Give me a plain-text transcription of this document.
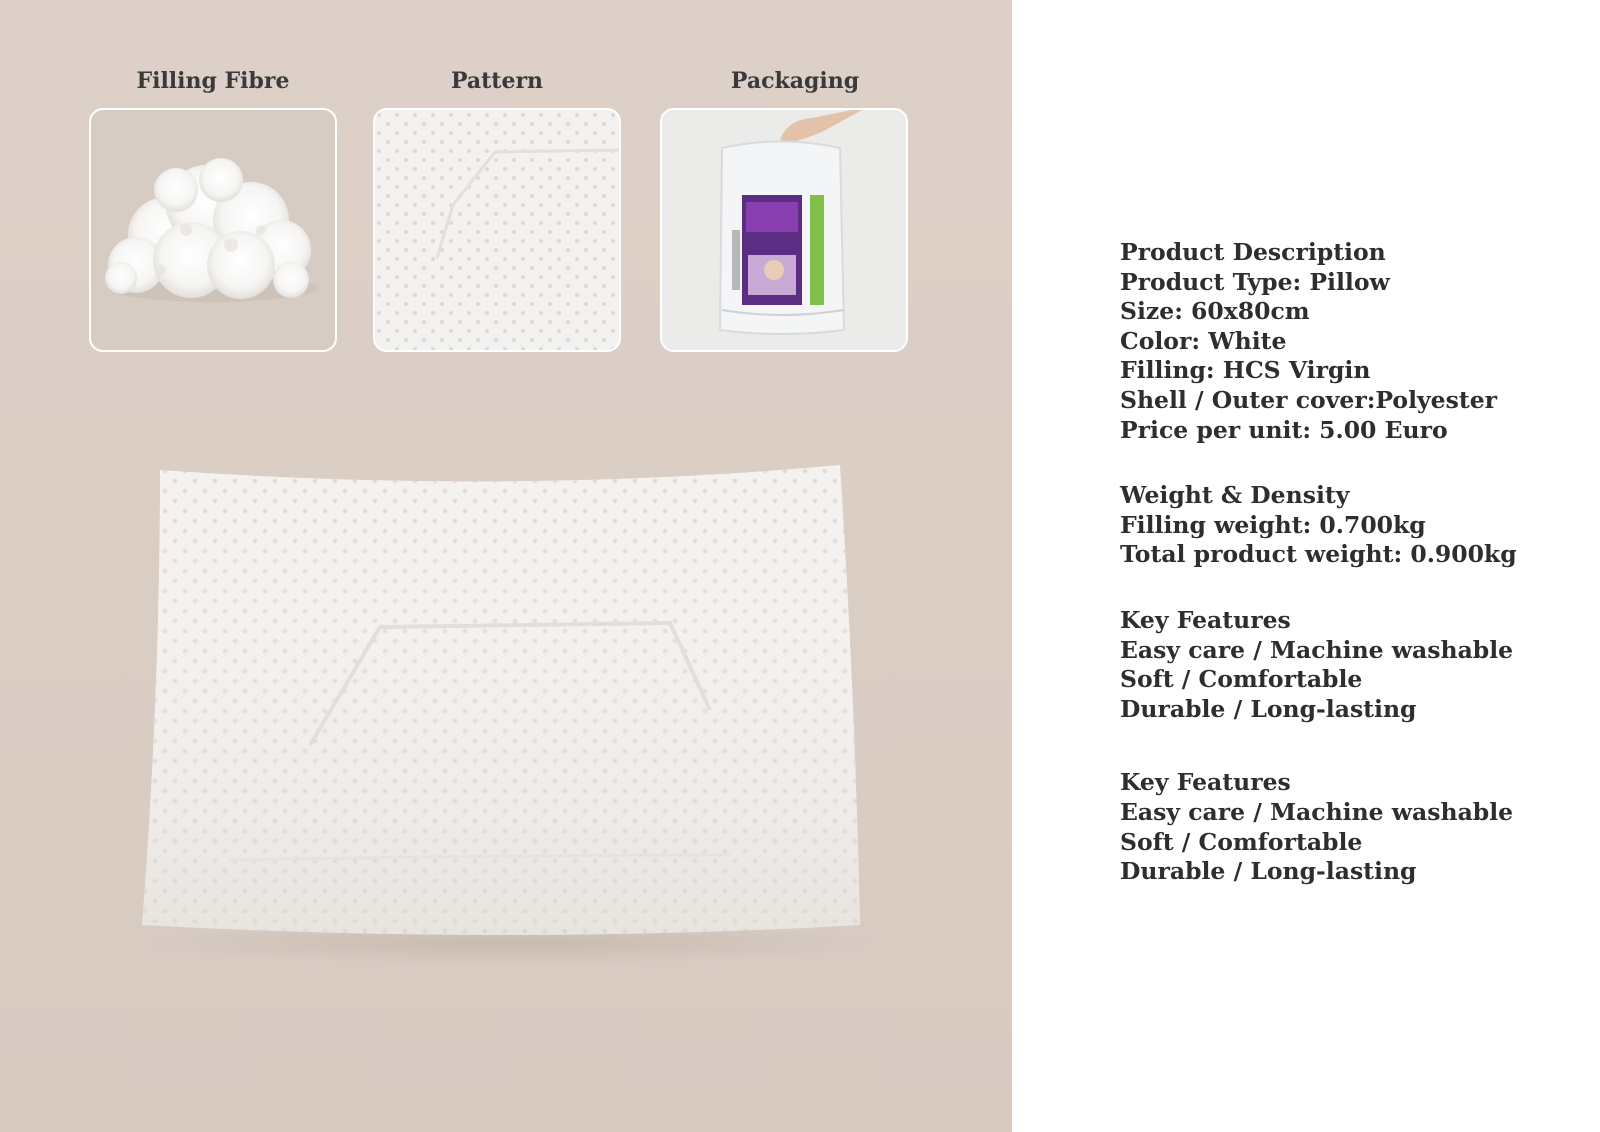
Filling Fibre	Pattern	Packaging
Product Description
Product Type: Pillow
Size: 60x80cm
Color: White
Filling: HCS Virgin
Shell / Outer cover:Polyester
Price per unit: 5.00 Euro
Weight & Density
Filling weight: 0.700kg
Total product weight: 0.900kg
Key Features
Easy care / Machine washable
Soft / Comfortable
Durable / Long-lasting
Key Features
Easy care / Machine washable
Soft / Comfortable
Durable / Long-lasting
